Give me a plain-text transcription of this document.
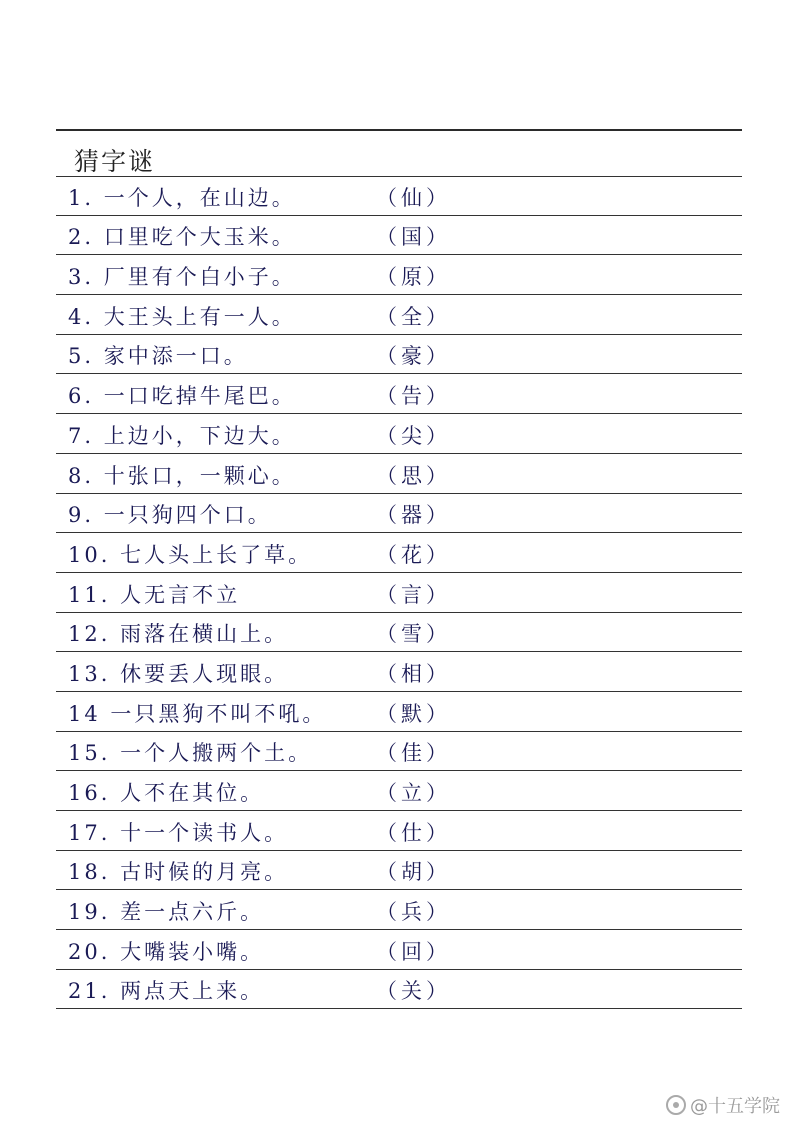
猜字谜
1. 一个人，在山边。	（仙）
2. 口里吃个大玉米。	（国）
3. 厂里有个白小子。	（原）
4. 大王头上有一人。	（全）
5. 家中添一口。	（豪）
6. 一口吃掉牛尾巴。	（告）
7. 上边小，下边大。	（尖）
8. 十张口，一颗心。	（思）
9. 一只狗四个口。	（器）
10. 七人头上长了草。	（花）
11. 人无言不立	（言）
12. 雨落在横山上。	（雪）
13. 休要丢人现眼。	（相）
14 一只黑狗不叫不吼。 （默）
15. 一个人搬两个土。	（佳）
16. 人不在其位。	（立）
17. 十一个读书人。	（仕）
18. 古时候的月亮。	（胡）
19. 差一点六斤。	（兵）
20. 大嘴装小嘴。	（回）
21. 两点天上来。	（关）
@十五学院
